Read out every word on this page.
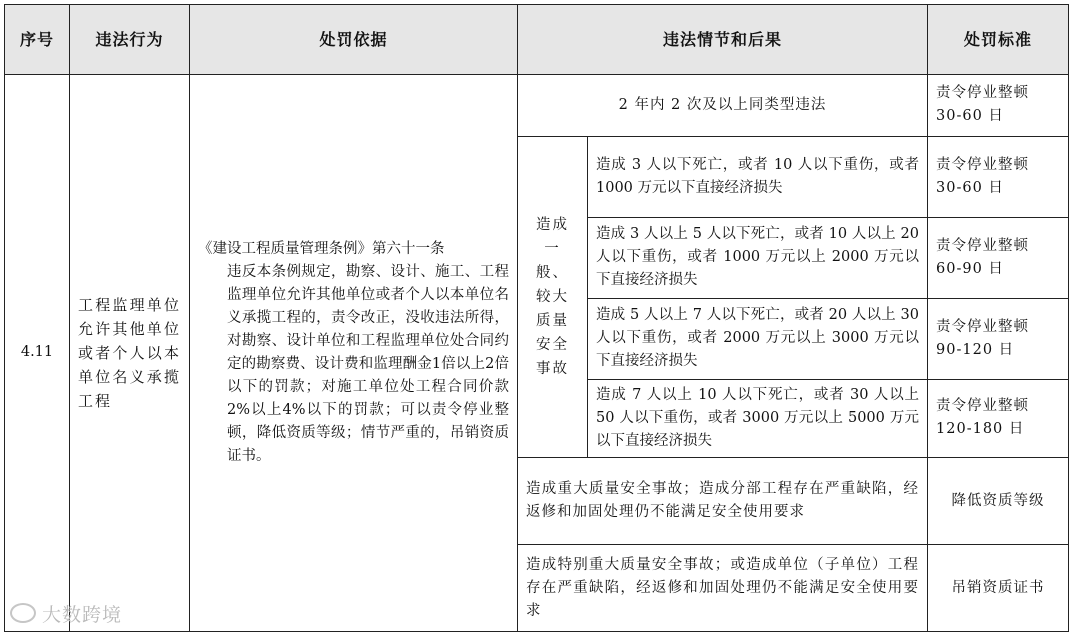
序号	违法行为	处罚依据	违法情节和后果		处罚标准
4.11	工程监理单位允许其他单位或者个人以本单位名义承揽工程	《建设工程质量管理条例》第六十一条
违反本条例规定，勘察、设计、施工、工程监理单位允许其他单位或者个人以本单位名义承揽工程的，责令改正，没收违法所得，对勘察、设计单位和工程监理单位处合同约定的勘察费、设计费和监理酬金1倍以上2倍以下的罚款；对施工单位处工程合同价款 2%以上4%以下的罚款；可以责令停业整顿，降低资质等级；情节严重的，吊销资质证书。	2 年内 2 次及以上同类型违法		责令停业整顿 30-60 日
			造成一般、较大质量安全事故	造成 3 人以下死亡，或者 10 人以下重伤，或者 1000 万元以下直接经济损失	责令停业整顿 30-60 日
				造成 3 人以上 5 人以下死亡，或者 10 人以上 20 人以下重伤，或者 1000 万元以上 2000 万元以下直接经济损失	责令停业整顿 60-90 日
				造成 5 人以上 7 人以下死亡，或者 20 人以上 30 人以下重伤，或者 2000 万元以上 3000 万元以下直接经济损失	责令停业整顿 90-120 日
				造成 7 人以上 10 人以下死亡，或者 30 人以上 50 人以下重伤，或者 3000 万元以上 5000 万元以下直接经济损失	责令停业整顿 120-180 日
			造成重大质量安全事故；造成分部工程存在严重缺陷，经返修和加固处理仍不能满足安全使用要求		降低资质等级
			造成特别重大质量安全事故；或造成单位（子单位）工程存在严重缺陷，经返修和加固处理仍不能满足安全使用要求		吊销资质证书
大数跨境
